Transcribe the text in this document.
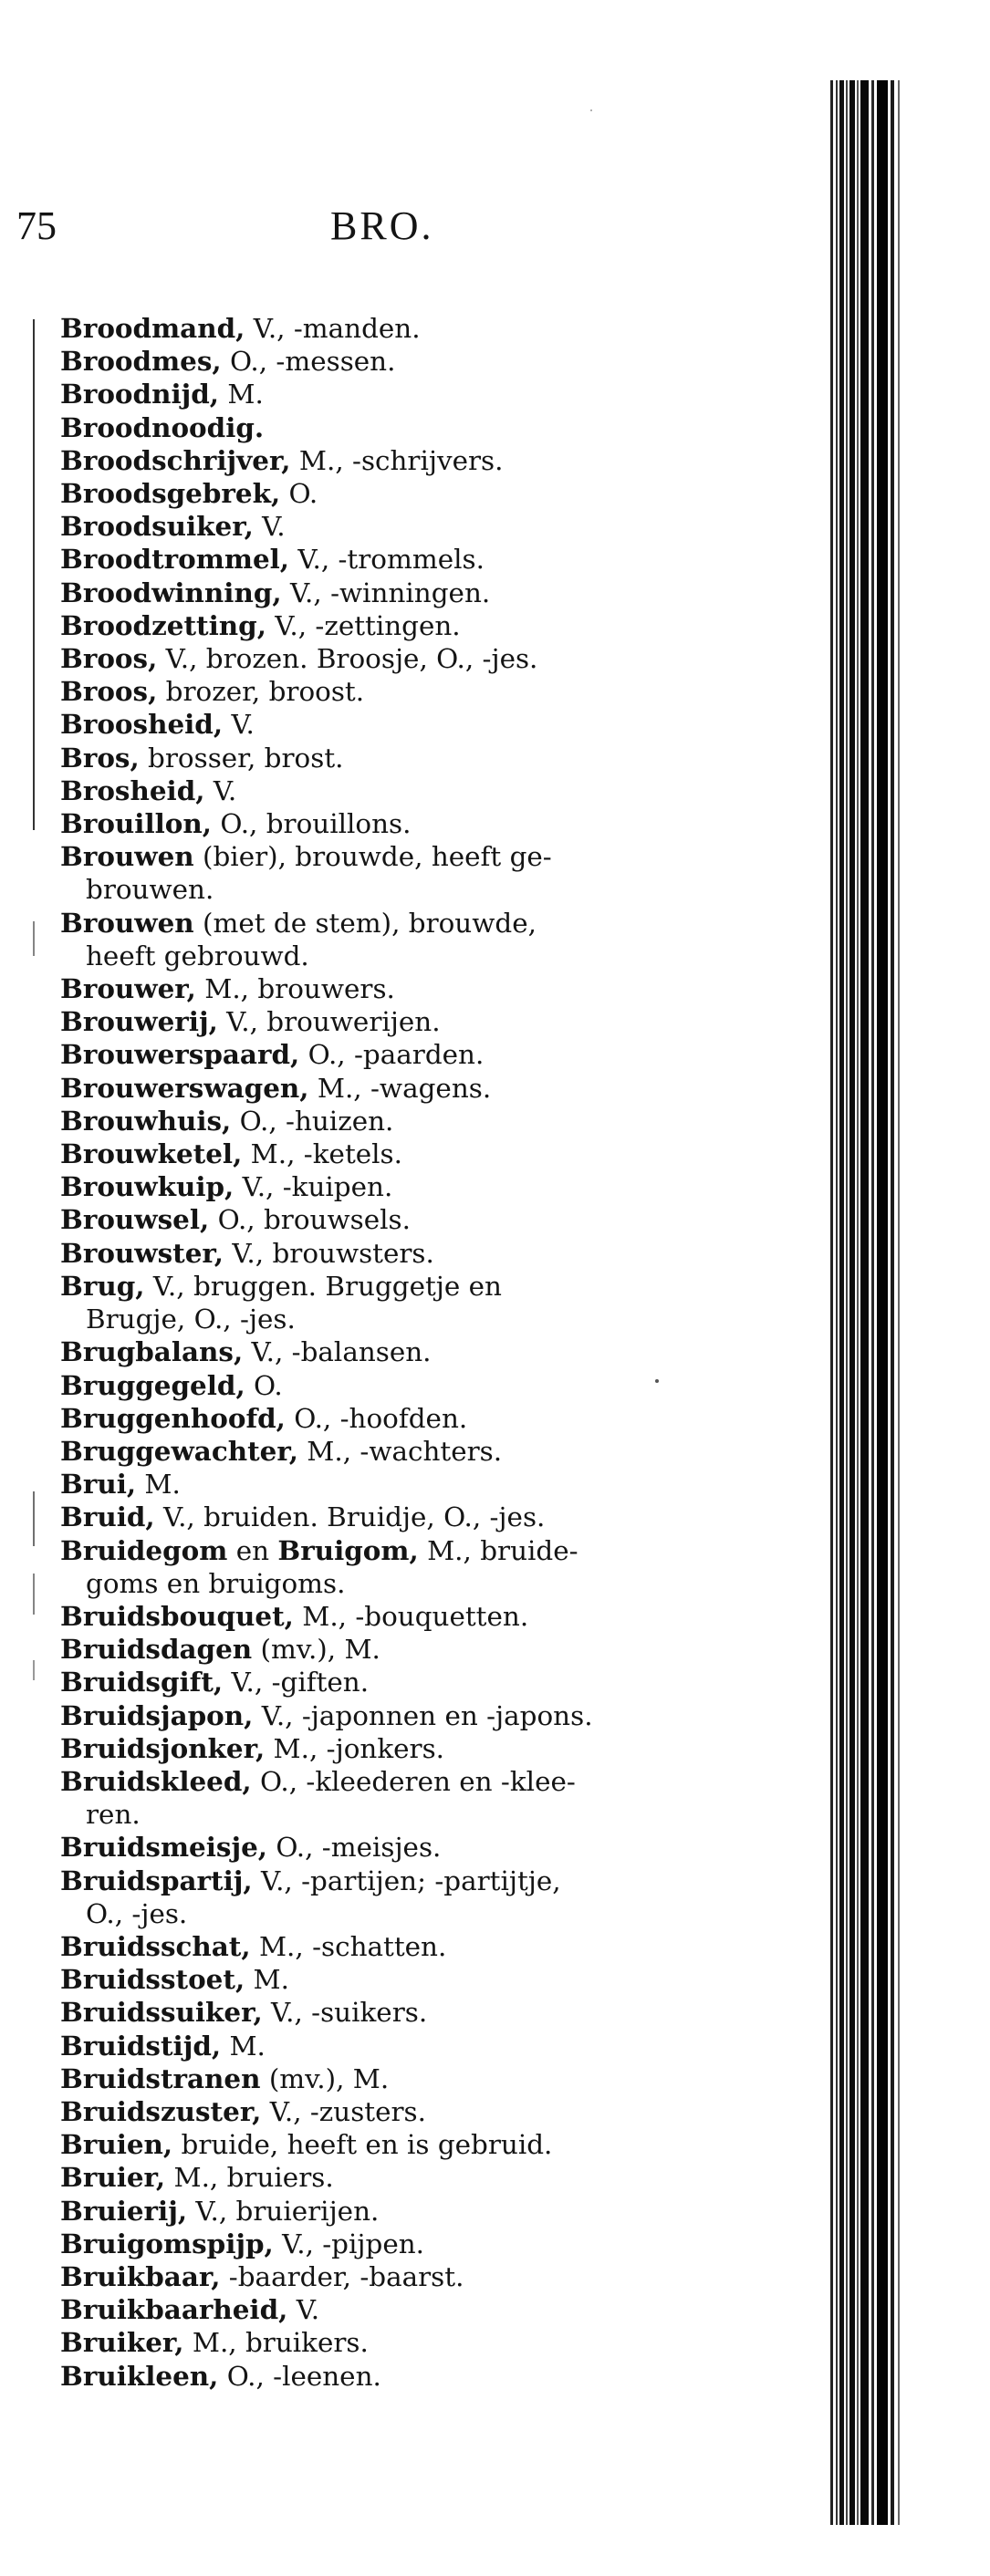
75	BRO.
Broodmand, V., -manden.
Broodmes, O., -messen.
Broodnijd, M.
Broodnoodig.
Broodschrijver, M., -schrijvers.
Broodsgebrek, O.
Broodsuiker, V.
Broodtrommel, V., -trommels.
Broodwinning, V., -winningen.
Broodzetting, V., -zettingen.
Broos, V., brozen. Broosje, O., -jes.
Broos, brozer, broost.
Broosheid, V.
Bros, brosser, brost.
Brosheid, V.
Brouillon, O., brouillons.
Brouwen (bier), brouwde, heeft ge-
brouwen.
Brouwen (met de stem), brouwde,
heeft gebrouwd.
Brouwer, M., brouwers.
Brouwerij, V., brouwerijen.
Brouwerspaard, O., -paarden.
Brouwerswagen, M., -wagens.
Brouwhuis, O., -huizen.
Brouwketel, M., -ketels.
Brouwkuip, V., -kuipen.
Brouwsel, O., brouwsels.
Brouwster, V., brouwsters.
Brug, V., bruggen. Bruggetje en
Brugje, O., -jes.
Brugbalans, V., -balansen.
Bruggegeld, O.
Bruggenhoofd, O., -hoofden.
Bruggewachter, M., -wachters.
Brui, M.
Bruid, V., bruiden. Bruidje, O., -jes.
Bruidegom en Bruigom, M., bruide-
goms en bruigoms.
Bruidsbouquet, M., -bouquetten.
Bruidsdagen (mv.), M.
Bruidsgift, V., -giften.
Bruidsjapon, V., -japonnen en -japons.
Bruidsjonker, M., -jonkers.
Bruidskleed, O., -kleederen en -klee-
ren.
Bruidsmeisje, O., -meisjes.
Bruidspartij, V., -partijen; -partijtje,
O., -jes.
Bruidsschat, M., -schatten.
Bruidsstoet, M.
Bruidssuiker, V., -suikers.
Bruidstijd, M.
Bruidstranen (mv.), M.
Bruidszuster, V., -zusters.
Bruien, bruide, heeft en is gebruid.
Bruier, M., bruiers.
Bruierij, V., bruierijen.
Bruigomspijp, V., -pijpen.
Bruikbaar, -baarder, -baarst.
Bruikbaarheid, V.
Bruiker, M., bruikers.
Bruikleen, O., -leenen.
